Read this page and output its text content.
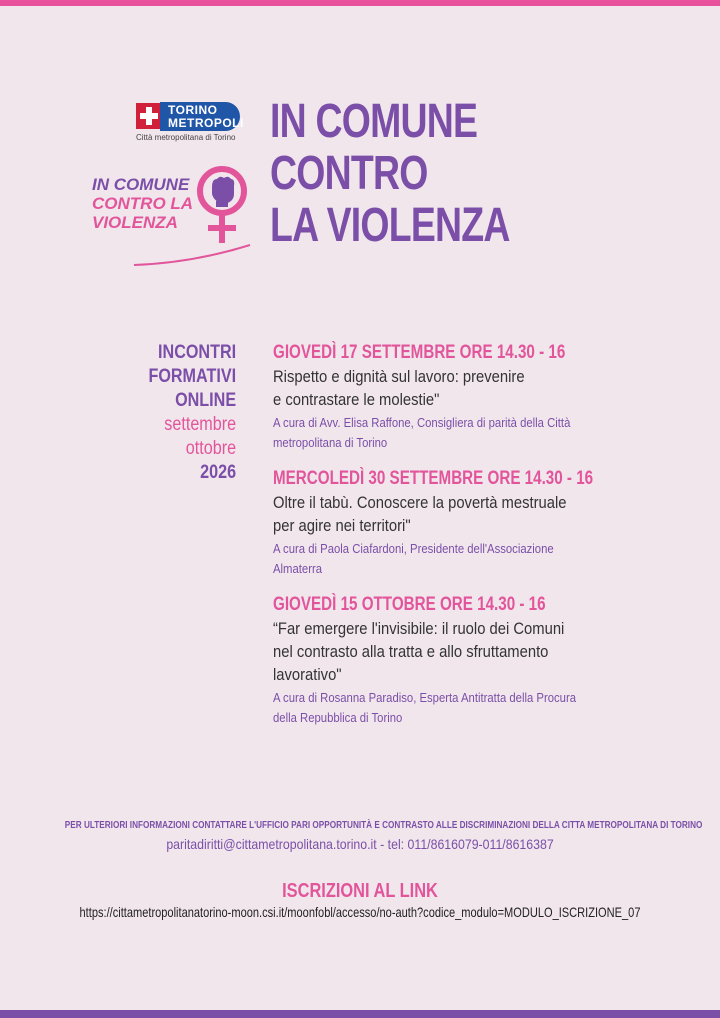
TORINO
METROPOLI
Città metropolitana di Torino
IN COMUNE
CONTRO LA
VIOLENZA
IN COMUNE
CONTRO
LA VIOLENZA
INCONTRI
FORMATIVI
ONLINE
settembre
ottobre
2026
GIOVEDÌ 17 SETTEMBRE ORE 14.30 - 16
Rispetto e dignità sul lavoro: prevenire
e contrastare le molestie"
A cura di Avv. Elisa Raffone, Consigliera di parità della Città
metropolitana di Torino
MERCOLEDÌ 30 SETTEMBRE ORE 14.30 - 16
Oltre il tabù. Conoscere la povertà mestruale
per agire nei territori"
A cura di Paola Ciafardoni, Presidente dell'Associazione
Almaterra
GIOVEDÌ 15 OTTOBRE ORE 14.30 - 16
“Far emergere l'invisibile: il ruolo dei Comuni
nel contrasto alla tratta e allo sfruttamento
lavorativo"
A cura di Rosanna Paradiso, Esperta Antitratta della Procura
della Repubblica di Torino
PER ULTERIORI INFORMAZIONI CONTATTARE L'UFFICIO PARI OPPORTUNITÀ E CONTRASTO ALLE DISCRIMINAZIONI DELLA CITTA METROPOLITANA DI TORINO
paritadiritti@cittametropolitana.torino.it - tel: 011/8616079-011/8616387
ISCRIZIONI AL LINK
https://cittametropolitanatorino-moon.csi.it/moonfobl/accesso/no-auth?codice_modulo=MODULO_ISCRIZIONE_07
